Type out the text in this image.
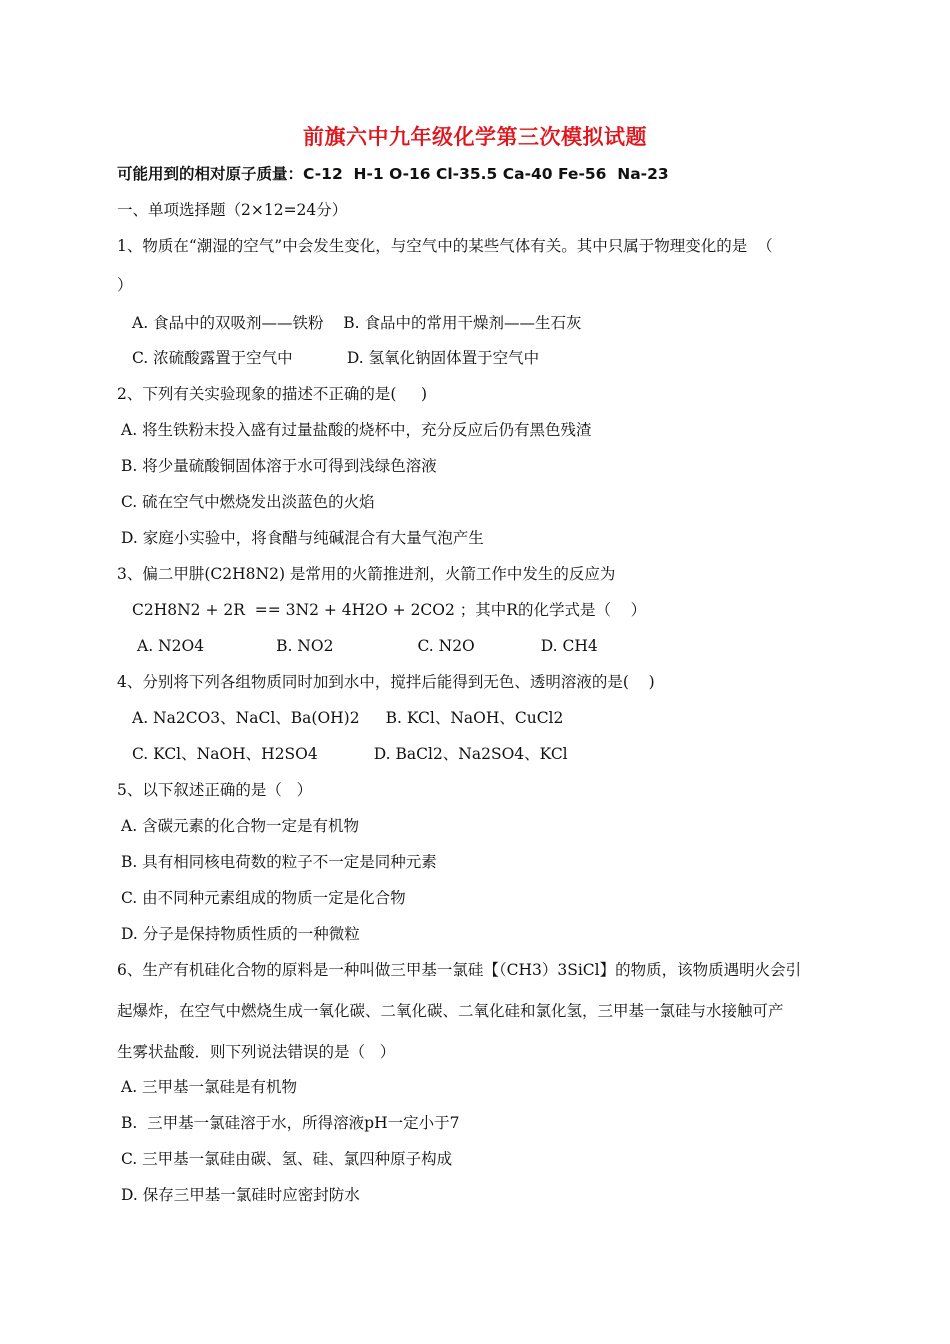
前旗六中九年级化学第三次模拟试题
可能用到的相对原子质量：C-12  H-1 O-16 Cl-35.5 Ca-40 Fe-56  Na-23
一、单项选择题（2×12=24分）
1、物质在“潮湿的空气”中会发生变化，与空气中的某些气体有关。其中只属于物理变化的是  （
）
A. 食品中的双吸剂——铁粉    B. 食品中的常用干燥剂——生石灰
C. 浓硫酸露置于空气中           D. 氢氧化钠固体置于空气中
2、下列有关实验现象的描述不正确的是(     )
A. 将生铁粉末投入盛有过量盐酸的烧杯中，充分反应后仍有黑色残渣
B. 将少量硫酸铜固体溶于水可得到浅绿色溶液
C. 硫在空气中燃烧发出淡蓝色的火焰
D. 家庭小实验中，将食醋与纯碱混合有大量气泡产生
3、偏二甲肼(C2H8N2) 是常用的火箭推进剂，火箭工作中发生的反应为
C2H8N2 + 2R  == 3N2 + 4H2O + 2CO2 ；其中R的化学式是（    ）
A. N2O4	B. NO2	C. N2O	D. CH4
4、分别将下列各组物质同时加到水中，搅拌后能得到无色、透明溶液的是(    )
A. Na2CO3、NaCl、Ba(OH)2 B. KCl、NaOH、CuCl2
C. KCl、NaOH、H2SO4	D. BaCl2、Na2SO4、KCl
5、以下叙述正确的是（   ）
A. 含碳元素的化合物一定是有机物
B. 具有相同核电荷数的粒子不一定是同种元素
C. 由不同种元素组成的物质一定是化合物
D. 分子是保持物质性质的一种微粒
6、生产有机硅化合物的原料是一种叫做三甲基一氯硅【（CH3）3SiCl】的物质，该物质遇明火会引
起爆炸，在空气中燃烧生成一氧化碳、二氧化碳、二氧化硅和氯化氢，三甲基一氯硅与水接触可产
生雾状盐酸．则下列说法错误的是（   ）
A. 三甲基一氯硅是有机物
B.  三甲基一氯硅溶于水，所得溶液pH一定小于7
C. 三甲基一氯硅由碳、氢、硅、氯四种原子构成
D. 保存三甲基一氯硅时应密封防水
